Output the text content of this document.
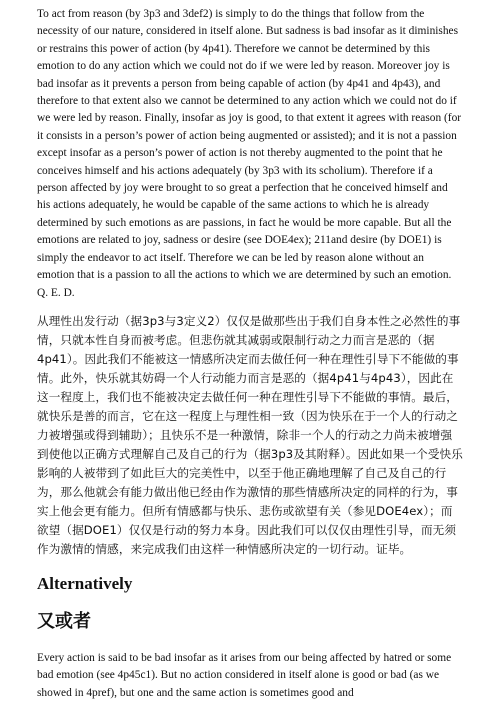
To act from reason (by 3p3 and 3def2) is simply to do the things that follow from the necessity of our nature, considered in itself alone. But sadness is bad insofar as it diminishes or restrains this power of action (by 4p41). Therefore we cannot be determined by this emotion to do any action which we could not do if we were led by reason. Moreover joy is bad insofar as it prevents a person from being capable of action (by 4p41 and 4p43), and therefore to that extent also we cannot be determined to any action which we could not do if we were led by reason. Finally, insofar as joy is good, to that extent it agrees with reason (for it consists in a person’s power of action being augmented or assisted); and it is not a passion except insofar as a person’s power of action is not thereby augmented to the point that he conceives himself and his actions adequately (by 3p3 with its scholium). Therefore if a person affected by joy were brought to so great a perfection that he conceived himself and his actions adequately, he would be capable of the same actions to which he is already determined by such emotions as are passions, in fact he would be more capable. But all the emotions are related to joy, sadness or desire (see DOE4ex); 211and desire (by DOE1) is simply the endeavor to act itself. Therefore we can be led by reason alone without an emotion that is a passion to all the actions to which we are determined by such an emotion. Q. E. D.

从理性出发行动（据3p3与3定义2）仅仅是做那些出于我们自身本性之必然性的事情，只就本性自身而被考虑。但悲伤就其减弱或限制行动之力而言是恶的（据4p41）。因此我们不能被这一情感所决定而去做任何一种在理性引导下不能做的事情。此外，快乐就其妨碍一个人行动能力而言是恶的（据4p41与4p43），因此在这一程度上，我们也不能被决定去做任何一种在理性引导下不能做的事情。最后，就快乐是善的而言，它在这一程度上与理性相一致（因为快乐在于一个人的行动之力被增强或得到辅助）；且快乐不是一种激情，除非一个人的行动之力尚未被增强到使他以正确方式理解自己及自己的行为（据3p3及其附释）。因此如果一个受快乐影响的人被带到了如此巨大的完美性中，以至于他正确地理解了自己及自己的行为，那么他就会有能力做出他已经由作为激情的那些情感所决定的同样的行为，事实上他会更有能力。但所有情感都与快乐、悲伤或欲望有关（参见DOE4ex）；而欲望（据DOE1）仅仅是行动的努力本身。因此我们可以仅仅由理性引导，而无须作为激情的情感，来完成我们由这样一种情感所决定的一切行动。证毕。

Alternatively
又或者

Every action is said to be bad insofar as it arises from our being affected by hatred or some bad emotion (see 4p45c1). But no action considered in itself alone is good or bad (as we showed in 4pref), but one and the same action is sometimes good and
